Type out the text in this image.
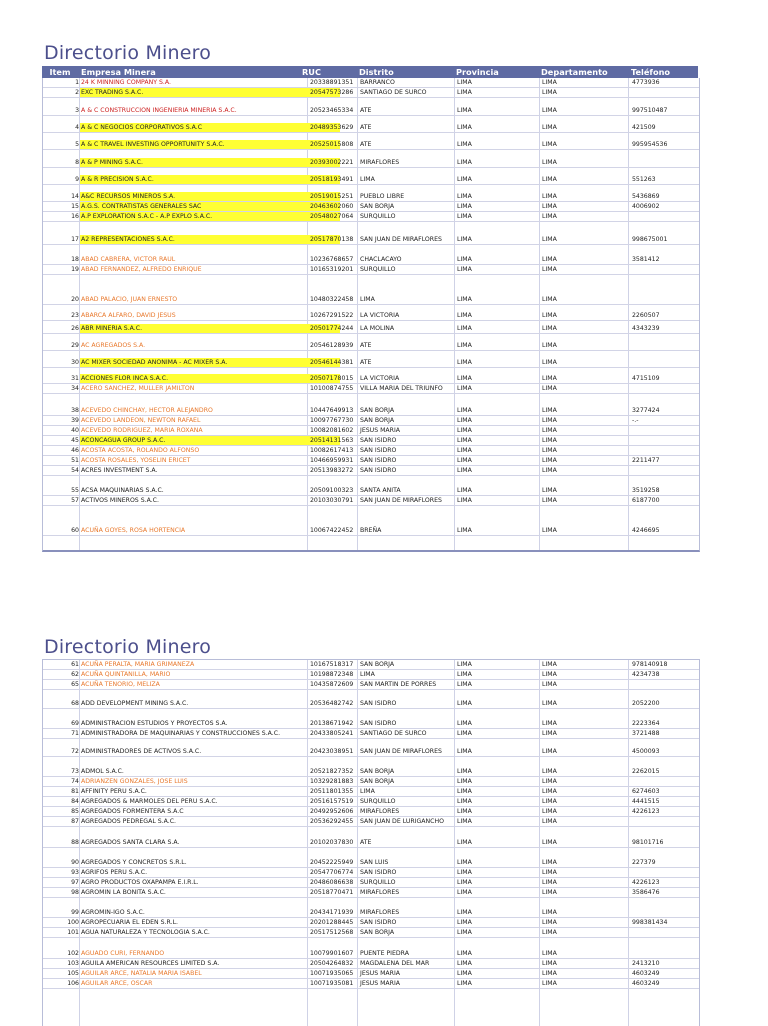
Directorio Minero
Item	Empresa Minera	RUC	Distrito	Provincia	Departamento	Teléfono
1 24 K MINNING COMPANY S.A.	20338891351	BARRANCO	LIMA	LIMA	4773936
2 EXC TRADING S.A.C.	20547573286	SANTIAGO DE SURCO	LIMA	LIMA
3 A & C CONSTRUCCION INGENIERIA MINERIA S.A.C.	20523465334	ATE	LIMA	LIMA	997510487
4 A & C NEGOCIOS CORPORATIVOS S.A.C	20489353629	ATE	LIMA	LIMA	421509
5 A & C TRAVEL INVESTING OPPORTUNITY S.A.C.	20525015808	ATE	LIMA	LIMA	995954536
8 A & P MINING S.A.C.	20393002221	MIRAFLORES	LIMA	LIMA
9 A & R PRECISION S.A.C.	20518193491	LIMA	LIMA	LIMA	551263
14 A&C RECURSOS MINEROS S.A.	20519015251	PUEBLO LIBRE	LIMA	LIMA	5436869
15 A.G.S. CONTRATISTAS GENERALES SAC	20463602060	SAN BORJA	LIMA	LIMA	4006902
16 A.P EXPLORATION S.A.C - A.P EXPLO S.A.C.	20548027064	SURQUILLO	LIMA	LIMA
17 A2 REPRESENTACIONES S.A.C.	20517870138	SAN JUAN DE MIRAFLORES	LIMA	LIMA	998675001
18 ABAD CABRERA, VICTOR RAUL	10236768657	CHACLACAYO	LIMA	LIMA	3581412
19 ABAD FERNANDEZ, ALFREDO ENRIQUE	10165319201	SURQUILLO	LIMA	LIMA
20 ABAD PALACIO, JUAN ERNESTO	10480322458	LIMA	LIMA	LIMA
23 ABARCA ALFARO, DAVID JESUS	10267291522	LA VICTORIA	LIMA	LIMA	2260507
26 ABR MINERIA S.A.C.	20501774244	LA MOLINA	LIMA	LIMA	4343239
29 AC AGREGADOS S.A.	20546128939	ATE	LIMA	LIMA
30 AC MIXER SOCIEDAD ANONIMA - AC MIXER S.A.	20546144381	ATE	LIMA	LIMA
31 ACCIONES FLOR INCA S.A.C.	20507178015	LA VICTORIA	LIMA	LIMA	4715109
34 ACERO SANCHEZ, MULLER JAMILTON	10100874755	VILLA MARIA DEL TRIUNFO	LIMA	LIMA
38 ACEVEDO CHINCHAY, HECTOR ALEJANDRO	10447649913	SAN BORJA	LIMA	LIMA	3277424
39 ACEVEDO LANDEON, NEWTON RAFAEL	10097767730	SAN BORJA	LIMA	LIMA	-.-
40 ACEVEDO RODRIGUEZ, MARIA ROXANA	10082081602	JESUS MARIA	LIMA	LIMA
45 ACONCAGUA GROUP S.A.C.	20514131563	SAN ISIDRO	LIMA	LIMA
46 ACOSTA ACOSTA, ROLANDO ALFONSO	10082617413	SAN ISIDRO	LIMA	LIMA
51 ACOSTA ROSALES, YOSELIN ERICET	10466959931	SAN ISIDRO	LIMA	LIMA	2211477
54 ACRES INVESTMENT S.A.	20513983272	SAN ISIDRO	LIMA	LIMA
55 ACSA MAQUINARIAS S.A.C.	20509100323	SANTA ANITA	LIMA	LIMA	3519258
57 ACTIVOS MINEROS S.A.C.	20103030791	SAN JUAN DE MIRAFLORES	LIMA	LIMA	6187700
60 ACUÑA GOYES, ROSA HORTENCIA	10067422452	BREÑA	LIMA	LIMA	4246695
Directorio Minero
61 ACUÑA PERALTA, MARIA GRIMANEZA	10167518317	SAN BORJA	LIMA	LIMA	978140918
62 ACUÑA QUINTANILLA, MARIO	10198872348	LIMA	LIMA	LIMA	4234738
65 ACUÑA TENORIO, MELIZA	10435872609	SAN MARTIN DE PORRES	LIMA	LIMA
68 ADD DEVELOPMENT MINING S.A.C.	20536482742	SAN ISIDRO	LIMA	LIMA	2052200
69 ADMINISTRACION ESTUDIOS Y PROYECTOS S.A.	20138671942	SAN ISIDRO	LIMA	LIMA	2223364
71 ADMINISTRADORA DE MAQUINARIAS Y CONSTRUCCIONES S.A.C.	20433805241	SANTIAGO DE SURCO	LIMA	LIMA	3721488
72 ADMINISTRADORES DE ACTIVOS S.A.C.	20423038951	SAN JUAN DE MIRAFLORES	LIMA	LIMA	4500093
73 ADMOL S.A.C.	20521827352	SAN BORJA	LIMA	LIMA	2262015
74 ADRIANZEN GONZALES, JOSE LUIS	10329281883	SAN BORJA	LIMA	LIMA
81 AFFINITY PERU S.A.C.	20511801355	LIMA	LIMA	LIMA	6274603
84 AGREGADOS & MARMOLES DEL PERU S.A.C.	20516157519	SURQUILLO	LIMA	LIMA	4441515
85 AGREGADOS FORMENTERA S.A.C	20492952606	MIRAFLORES	LIMA	LIMA	4226123
87 AGREGADOS PEDREGAL S.A.C.	20536292455	SAN JUAN DE LURIGANCHO	LIMA	LIMA
88 AGREGADOS SANTA CLARA S.A.	20102037830	ATE	LIMA	LIMA	98101716
90 AGREGADOS Y CONCRETOS S.R.L.	20452225949	SAN LUIS	LIMA	LIMA	227379
93 AGRIFOS PERU S.A.C.	20547706774	SAN ISIDRO	LIMA	LIMA
97 AGRO PRODUCTOS OXAPAMPA E.I.R.L.	20486086638	SURQUILLO	LIMA	LIMA	4226123
98 AGROMIN LA BONITA S.A.C.	20518770471	MIRAFLORES	LIMA	LIMA	3586476
99 AGROMIN-IGO S.A.C.	20434171939	MIRAFLORES	LIMA	LIMA
100 AGROPECUARIA EL EDEN S.R.L.	20201288445	SAN ISIDRO	LIMA	LIMA	998381434
101 AGUA NATURALEZA Y TECNOLOGIA S.A.C.	20517512568	SAN BORJA	LIMA	LIMA
102 AGUADO CURI, FERNANDO	10079901607	PUENTE PIEDRA	LIMA	LIMA
103 AGUILA AMERICAN RESOURCES LIMITED S.A.	20504264832	MAGDALENA DEL MAR	LIMA	LIMA	2413210
105 AGUILAR ARCE, NATALIA MARIA ISABEL	10071935065	JESUS MARIA	LIMA	LIMA	4603249
106 AGUILAR ARCE, OSCAR	10071935081	JESUS MARIA	LIMA	LIMA	4603249
